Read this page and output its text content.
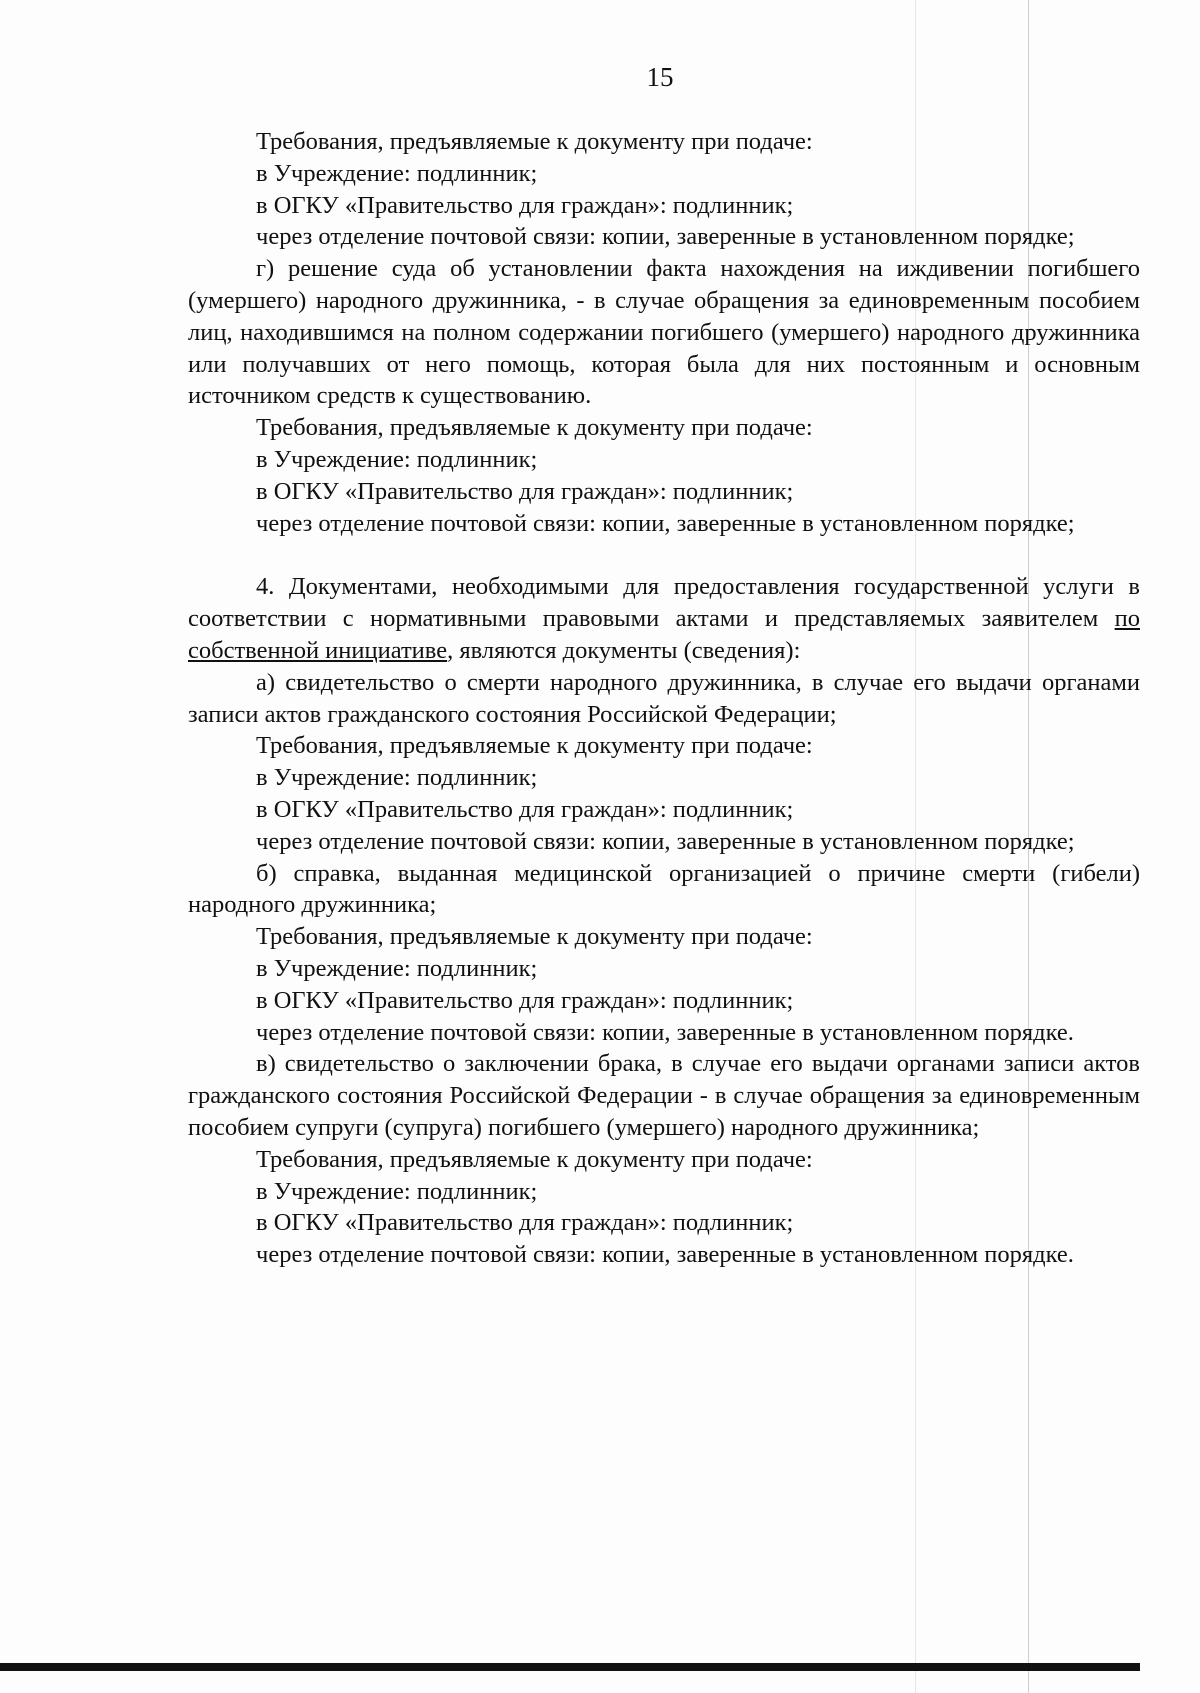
15

Требования, предъявляемые к документу при подаче:

в Учреждение: подлинник;

в ОГКУ «Правительство для граждан»: подлинник;

через отделение почтовой связи: копии, заверенные в установленном порядке;

г) решение суда об установлении факта нахождения на иждивении погибшего (умершего) народного дружинника, - в случае обращения за единовременным пособием лиц, находившимся на полном содержании погибшего (умершего) народного дружинника или получавших от него помощь, которая была для них постоянным и основным источником средств к существованию.

Требования, предъявляемые к документу при подаче:

в Учреждение: подлинник;

в ОГКУ «Правительство для граждан»: подлинник;

через отделение почтовой связи: копии, заверенные в установленном порядке;

4. Документами, необходимыми для предоставления государственной услуги в соответствии с нормативными правовыми актами и представляемых заявителем по собственной инициативе, являются документы (сведения):

а) свидетельство о смерти народного дружинника, в случае его выдачи органами записи актов гражданского состояния Российской Федерации;

Требования, предъявляемые к документу при подаче:

в Учреждение: подлинник;

в ОГКУ «Правительство для граждан»: подлинник;

через отделение почтовой связи: копии, заверенные в установленном порядке;

б) справка, выданная медицинской организацией о причине смерти (гибели) народного дружинника;

Требования, предъявляемые к документу при подаче:

в Учреждение: подлинник;

в ОГКУ «Правительство для граждан»: подлинник;

через отделение почтовой связи: копии, заверенные в установленном порядке.

в) свидетельство о заключении брака, в случае его выдачи органами записи актов гражданского состояния Российской Федерации - в случае обращения за единовременным пособием супруги (супруга) погибшего (умершего) народного дружинника;

Требования, предъявляемые к документу при подаче:

в Учреждение: подлинник;

в ОГКУ «Правительство для граждан»: подлинник;

через отделение почтовой связи: копии, заверенные в установленном порядке.
